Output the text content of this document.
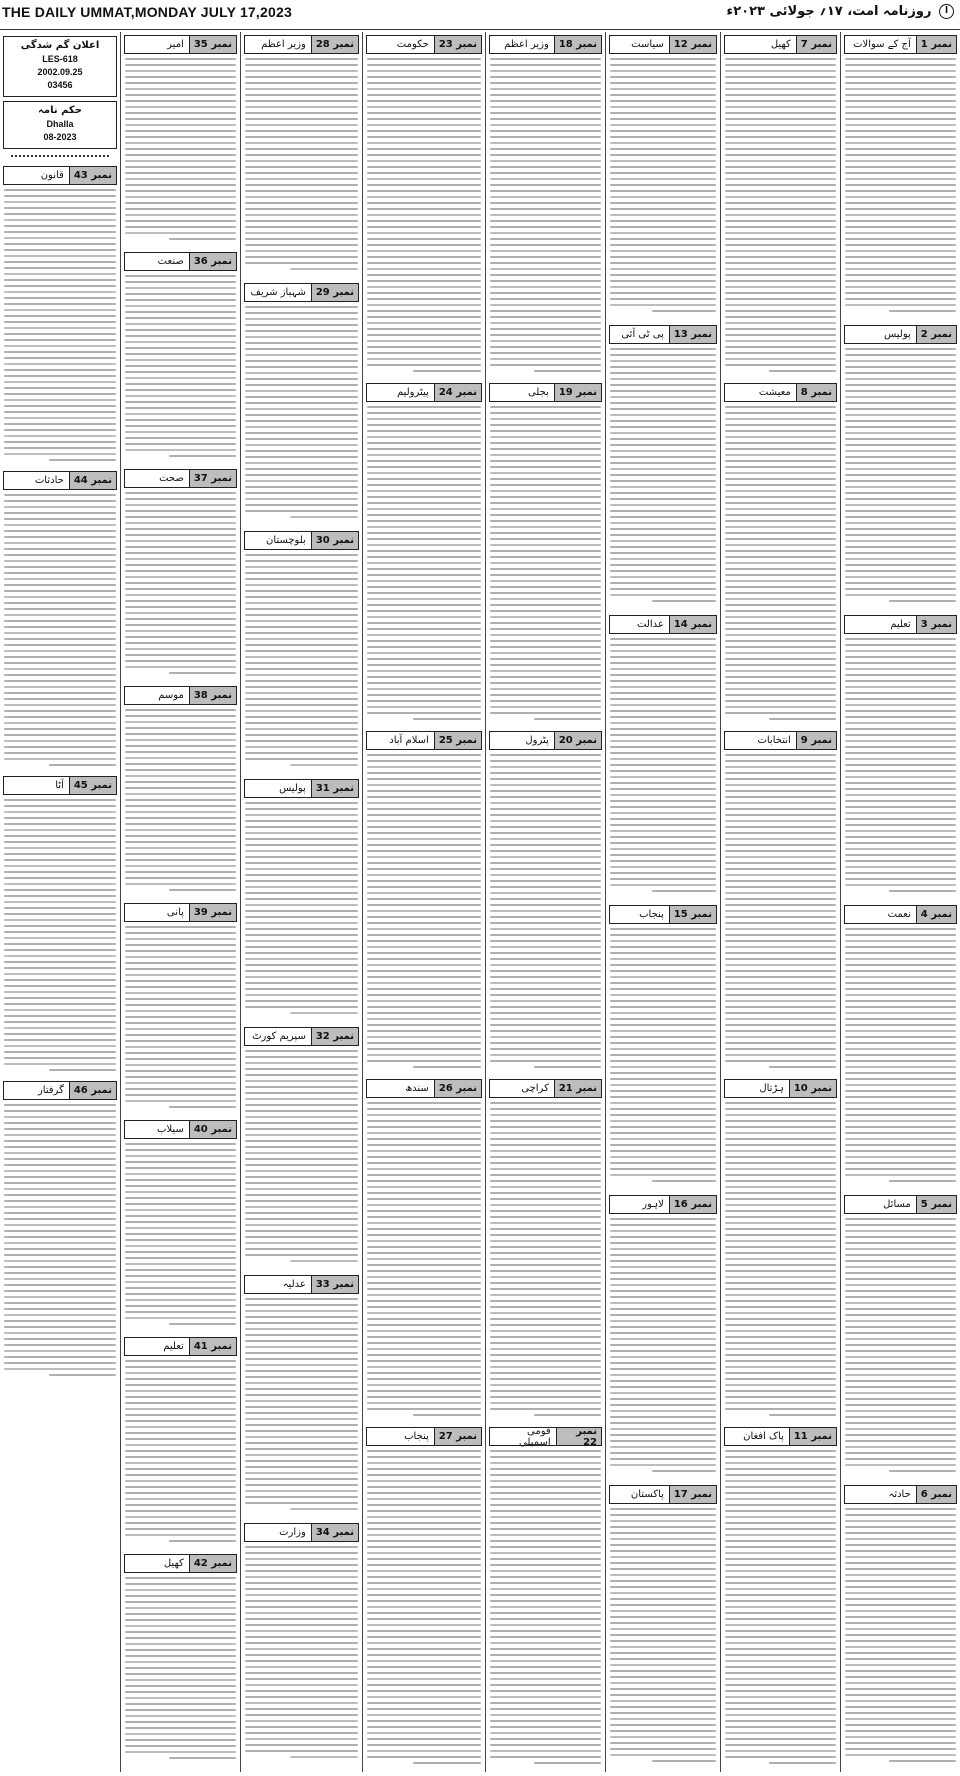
THE DAILY UMMAT,MONDAY JULY 17,2023	ا روزنامہ امت، ۱۷؍ جولائی ۲۰۲۳ء
نمبر 1
آج کے سوالات
نمبر 2
پولیس
نمبر 3
تعلیم
نمبر 4
نعمت
نمبر 5
مسائل
نمبر 6
حادثہ
نمبر 7
کھیل
نمبر 8
معیشت
نمبر 9
انتخابات
نمبر 10
ہڑتال
نمبر 11
پاک افغان
نمبر 12
سیاست
نمبر 13
پی ٹی آئی
نمبر 14
عدالت
نمبر 15
پنجاب
نمبر 16
لاہور
نمبر 17
پاکستان
نمبر 18
وزیر اعظم
نمبر 19
بجلی
نمبر 20
پٹرول
نمبر 21
کراچی
نمبر 22
قومی اسمبلی
نمبر 23
حکومت
نمبر 24
پیٹرولیم
نمبر 25
اسلام آباد
نمبر 26
سندھ
نمبر 27
پنجاب
نمبر 28
وزیر اعظم
نمبر 29
شہباز شریف
نمبر 30
بلوچستان
نمبر 31
پولیس
نمبر 32
سپریم کورٹ
نمبر 33
عدلیہ
نمبر 34
وزارت
نمبر 35
امیر
نمبر 36
صنعت
نمبر 37
صحت
نمبر 38
موسم
نمبر 39
پانی
نمبر 40
سیلاب
نمبر 41
تعلیم
نمبر 42
کھیل
اعلان گم شدگی
LES-618
2002.09.25
03456
حکم نامہ
Dhalla
08-2023
نمبر 43
قانون
نمبر 44
حادثات
نمبر 45
آٹا
نمبر 46
گرفتار
